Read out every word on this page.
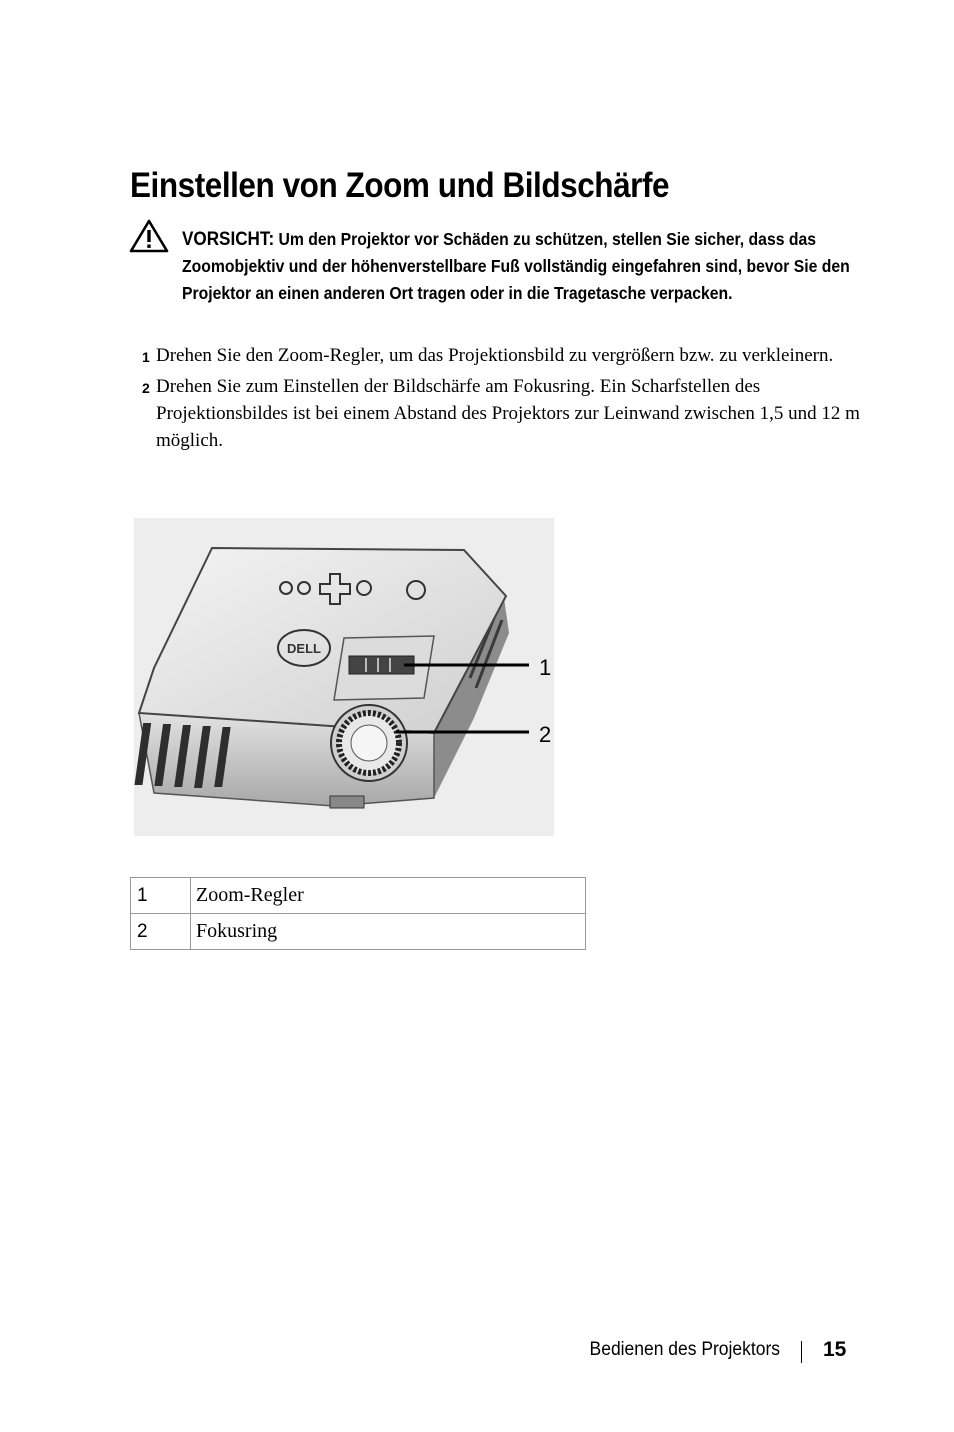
Einstellen von Zoom und Bildschärfe
VORSICHT: Um den Projektor vor Schäden zu schützen, stellen Sie sicher, dass das Zoomobjektiv und der höhenverstellbare Fuß vollständig eingefahren sind, bevor Sie den Projektor an einen anderen Ort tragen oder in die Tragetasche verpacken.
1 Drehen Sie den Zoom-Regler, um das Projektionsbild zu vergrößern bzw. zu verkleinern.
2 Drehen Sie zum Einstellen der Bildschärfe am Fokusring. Ein Scharfstellen des Projektionsbildes ist bei einem Abstand des Projektors zur Leinwand zwischen 1,5 und 12 m möglich.
DELL
1
2
1	Zoom-Regler
2	Fokusring
Bedienen des Projektors 15
